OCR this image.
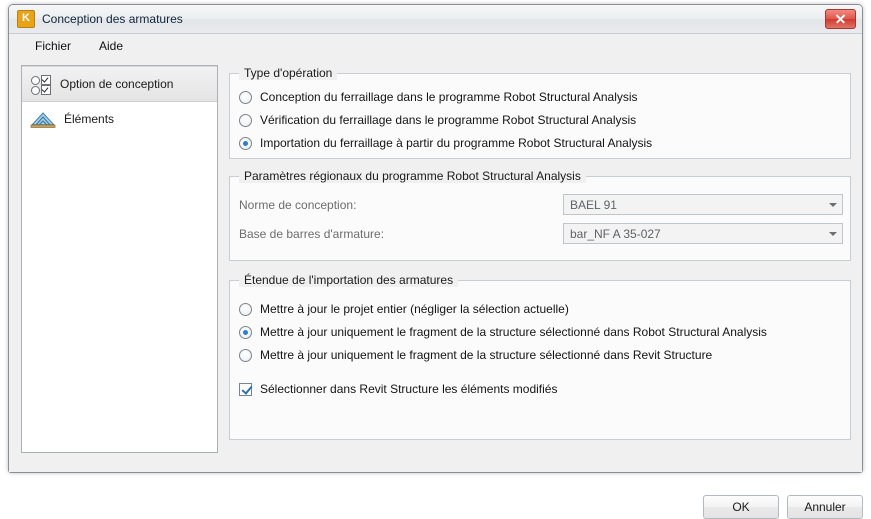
K
Conception des armatures
Fichier	Aide
Option de conception
Éléments
Type d'opération
Conception du ferraillage dans le programme Robot Structural Analysis
Vérification du ferraillage dans le programme Robot Structural Analysis
Importation du ferraillage à partir du programme Robot Structural Analysis
Paramètres régionaux du programme Robot Structural Analysis
Norme de conception:	BAEL 91
Base de barres d'armature:	bar_NF A 35-027
Étendue de l'importation des armatures
Mettre à jour le projet entier (négliger la sélection actuelle)
Mettre à jour uniquement le fragment de la structure sélectionné dans Robot Structural Analysis
Mettre à jour uniquement le fragment de la structure sélectionné dans Revit Structure
Sélectionner dans Revit Structure les éléments modifiés
OK	Annuler
